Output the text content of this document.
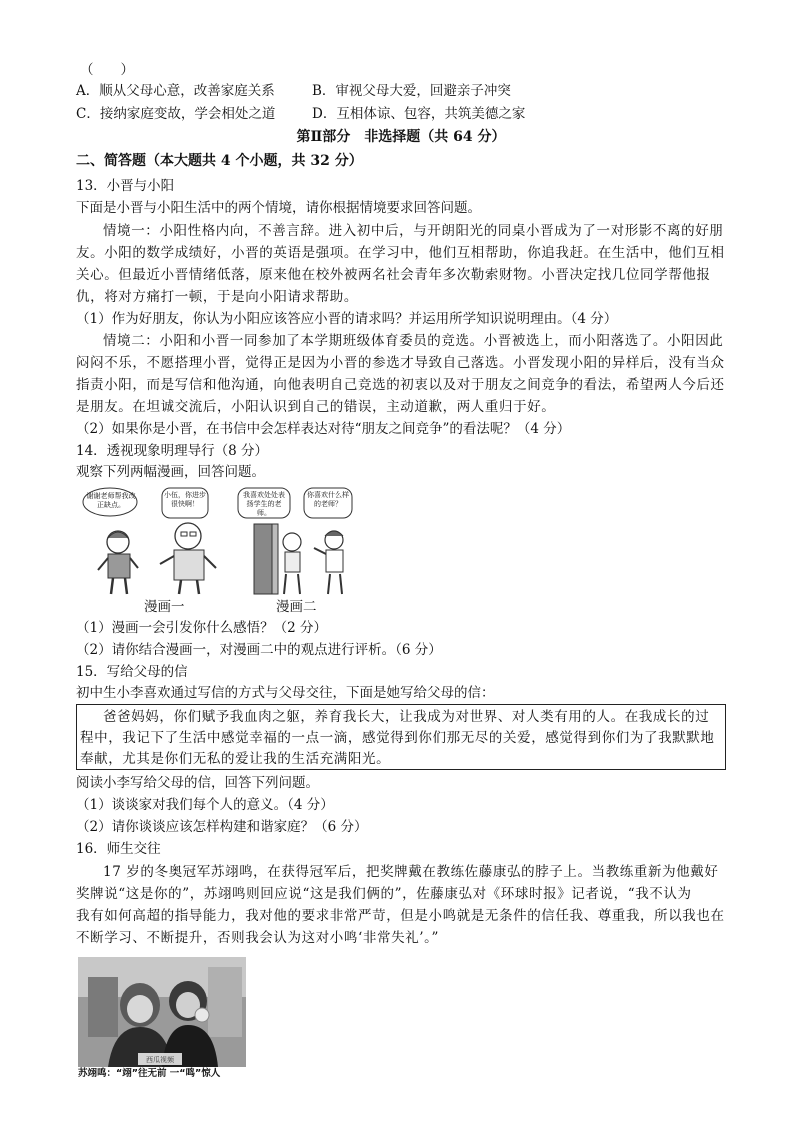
（　　）
A．顺从父母心意，改善家庭关系	B．审视父母大爱，回避亲子冲突
C．接纳家庭变故，学会相处之道	D．互相体谅、包容，共筑美德之家
第Ⅱ部分　非选择题（共 64 分）
二、简答题（本大题共 4 个小题，共 32 分）
13．小晋与小阳
下面是小晋与小阳生活中的两个情境，请你根据情境要求回答问题。
情境一：小阳性格内向，不善言辞。进入初中后，与开朗阳光的同桌小晋成为了一对形影不离的好朋
友。小阳的数学成绩好，小晋的英语是强项。在学习中，他们互相帮助，你追我赶。在生活中，他们互相
关心。但最近小晋情绪低落，原来他在校外被两名社会青年多次勒索财物。小晋决定找几位同学帮他报
仇，将对方痛打一顿，于是向小阳请求帮助。
（1）作为好朋友，你认为小阳应该答应小晋的请求吗？并运用所学知识说明理由。（4 分）
情境二：小阳和小晋一同参加了本学期班级体育委员的竞选。小晋被选上，而小阳落选了。小阳因此
闷闷不乐，不愿搭理小晋，觉得正是因为小晋的参选才导致自己落选。小晋发现小阳的异样后，没有当众
指责小阳，而是写信和他沟通，向他表明自己竞选的初衷以及对于朋友之间竞争的看法，希望两人今后还
是朋友。在坦诚交流后，小阳认识到自己的错误，主动道歉，两人重归于好。
（2）如果你是小晋，在书信中会怎样表达对待“朋友之间竞争”的看法呢？（4 分）
14．透视现象明理导行（8 分）
观察下列两幅漫画，回答问题。
谢谢老师帮我改正缺点。
小伍，你进步很快啊！
我喜欢处处表扬学生的老师。
你喜欢什么样的老师？
漫画一	漫画二
（1）漫画一会引发你什么感悟？（2 分）
（2）请你结合漫画一，对漫画二中的观点进行评析。（6 分）
15．写给父母的信
初中生小李喜欢通过写信的方式与父母交往，下面是她写给父母的信：
爸爸妈妈，你们赋予我血肉之躯，养育我长大，让我成为对世界、对人类有用的人。在我成长的过
程中，我记下了生活中感觉幸福的一点一滴，感觉得到你们那无尽的关爱，感觉得到你们为了我默默地
奉献，尤其是你们无私的爱让我的生活充满阳光。
阅读小李写给父母的信，回答下列问题。
（1）谈谈家对我们每个人的意义。（4 分）
（2）请你谈谈应该怎样构建和谐家庭？（6 分）
16．师生交往
17 岁的冬奥冠军苏翊鸣，在获得冠军后，把奖牌戴在教练佐藤康弘的脖子上。当教练重新为他戴好
奖牌说“这是你的”，苏翊鸣则回应说“这是我们俩的”，佐藤康弘对《环球时报》记者说，“我不认为
我有如何高超的指导能力，我对他的要求非常严苛，但是小鸣就是无条件的信任我、尊重我，所以我也在
不断学习、不断提升，否则我会认为这对小鸣‘非常失礼’。”
西瓜视频
苏翊鸣：“翊”往无前 一“鸣”惊人
